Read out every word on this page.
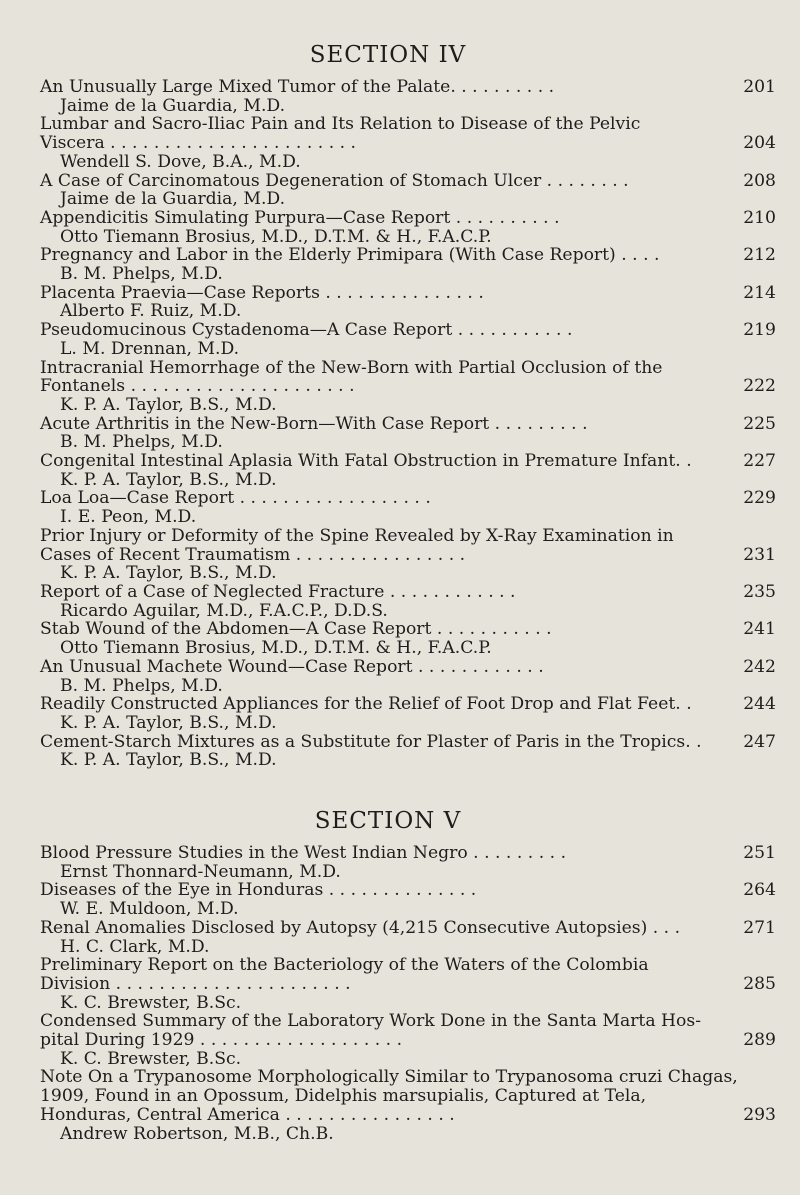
SECTION IV
An Unusually Large Mixed Tumor of the Palate. . . . . . . . . .
Jaime de la Guardia, M.D.
201
Lumbar and Sacro-Iliac Pain and Its Relation to Disease of the Pelvic
Viscera . . . . . . . . . . . . . . . . . . . . . . .
Wendell S. Dove, B.A., M.D.
204
A Case of Carcinomatous Degeneration of Stomach Ulcer . . . . . . . .
Jaime de la Guardia, M.D.
208
Appendicitis Simulating Purpura—Case Report . . . . . . . . . .
Otto Tiemann Brosius, M.D., D.T.M. & H., F.A.C.P.
210
Pregnancy and Labor in the Elderly Primipara (With Case Report) . . . .
B. M. Phelps, M.D.
212
Placenta Praevia—Case Reports . . . . . . . . . . . . . . .
Alberto F. Ruiz, M.D.
214
Pseudomucinous Cystadenoma—A Case Report . . . . . . . . . . .
L. M. Drennan, M.D.
219
Intracranial Hemorrhage of the New-Born with Partial Occlusion of the
Fontanels . . . . . . . . . . . . . . . . . . . . .
K. P. A. Taylor, B.S., M.D.
222
Acute Arthritis in the New-Born—With Case Report . . . . . . . . .
B. M. Phelps, M.D.
225
Congenital Intestinal Aplasia With Fatal Obstruction in Premature Infant. .
K. P. A. Taylor, B.S., M.D.
227
Loa Loa—Case Report . . . . . . . . . . . . . . . . . .
I. E. Peon, M.D.
229
Prior Injury or Deformity of the Spine Revealed by X-Ray Examination in
Cases of Recent Traumatism . . . . . . . . . . . . . . . .
K. P. A. Taylor, B.S., M.D.
231
Report of a Case of Neglected Fracture . . . . . . . . . . . .
Ricardo Aguilar, M.D., F.A.C.P., D.D.S.
235
Stab Wound of the Abdomen—A Case Report . . . . . . . . . . .
Otto Tiemann Brosius, M.D., D.T.M. & H., F.A.C.P.
241
An Unusual Machete Wound—Case Report . . . . . . . . . . . .
B. M. Phelps, M.D.
242
Readily Constructed Appliances for the Relief of Foot Drop and Flat Feet. .
K. P. A. Taylor, B.S., M.D.
244
Cement-Starch Mixtures as a Substitute for Plaster of Paris in the Tropics. .
K. P. A. Taylor, B.S., M.D.
247
SECTION V
Blood Pressure Studies in the West Indian Negro . . . . . . . . .
Ernst Thonnard-Neumann, M.D.
251
Diseases of the Eye in Honduras . . . . . . . . . . . . . .
W. E. Muldoon, M.D.
264
Renal Anomalies Disclosed by Autopsy (4,215 Consecutive Autopsies) . . .
H. C. Clark, M.D.
271
Preliminary Report on the Bacteriology of the Waters of the Colombia
Division . . . . . . . . . . . . . . . . . . . . . .
K. C. Brewster, B.Sc.
285
Condensed Summary of the Laboratory Work Done in the Santa Marta Hos-
pital During 1929 . . . . . . . . . . . . . . . . . . .
K. C. Brewster, B.Sc.
289
Note On a Trypanosome Morphologically Similar to Trypanosoma cruzi Chagas,
1909, Found in an Opossum, Didelphis marsupialis, Captured at Tela,
Honduras, Central America . . . . . . . . . . . . . . . .
Andrew Robertson, M.B., Ch.B.
293
